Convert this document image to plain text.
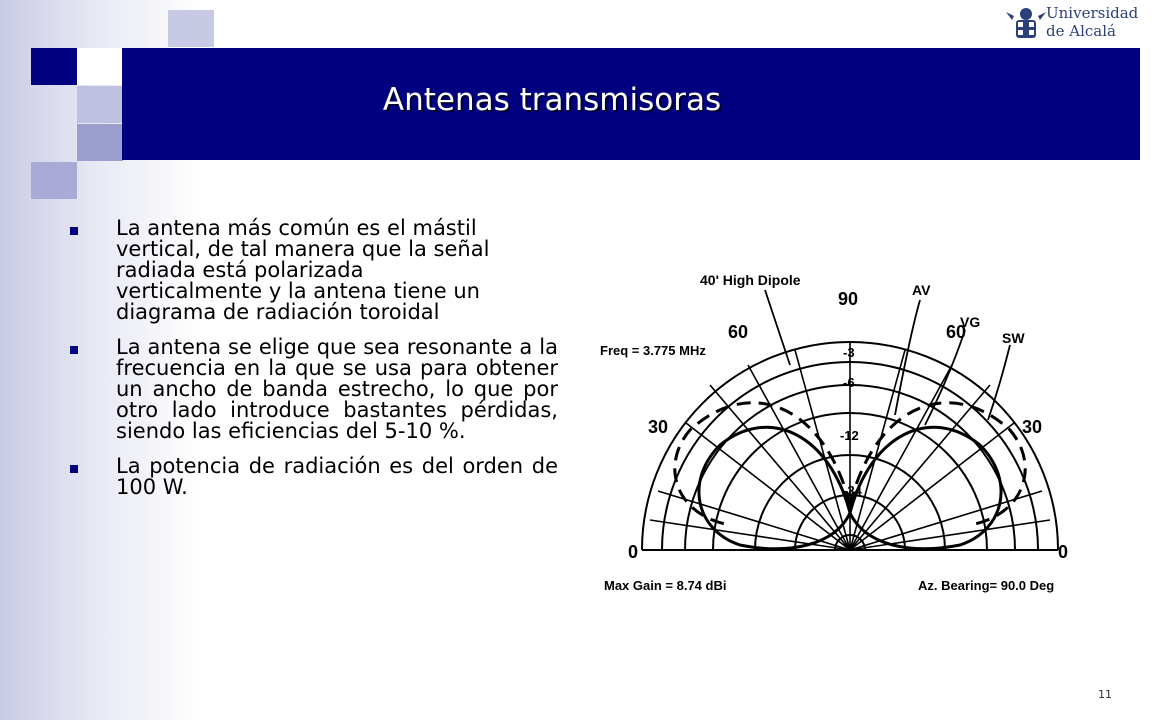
Antenas transmisoras
Universidad
de Alcalá
La antena más común es el mástil vertical, de tal manera que la señal radiada está polarizada verticalmente y la antena tiene un diagrama de radiación toroidal
La antena se elige que sea resonante a la frecuencia en la que se usa para obtener un ancho de banda estrecho, lo que por otro lado introduce bastantes pérdidas, siendo las eficiencias del 5-10 %.
La potencia de radiación es del orden de 100 W.
40' High Dipole
Freq = 3.775 MHz
AV
VG
SW
90
60	60
30	30
0	0
-3
-6
-12
-24
Max Gain = 8.74 dBi	Az. Bearing= 90.0 Deg
11
